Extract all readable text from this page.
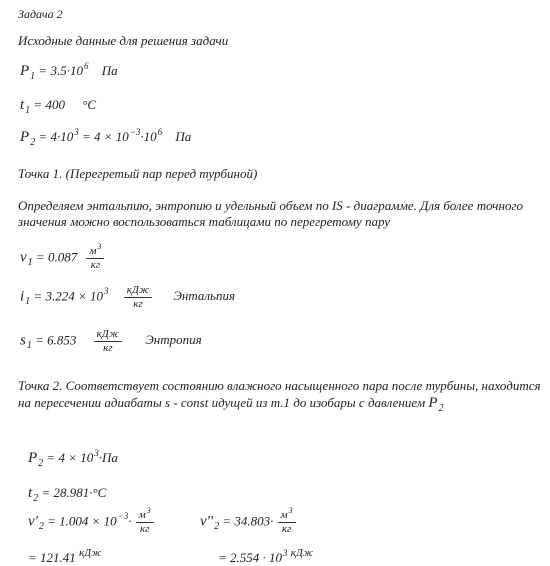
Задача 2
Исходные данные для решения задачи
$P_1 = 3.5\cdot 10^6$ Па
$t_1 = 400$ °C
$P_2 = 4\cdot 10^3 = 4 \times 10^{-3}\cdot 10^6$ Па
Точка 1. (Перегретый пар перед турбиной)
Определяем энтальпию, энтропию и удельный объем по IS - диаграмме. Для более точного
значения можно воспользоваться таблицами по перегретому пару
$v_1 = 0.087 \frac{м^3}{кг}$
$i_1 = 3.224 \times 10^3 \frac{\text{кДж}}{кг}$ Энтальпия
$s_1 = 6.853 \frac{\text{кДж}}{кг}$ Энтропия
Точка 2. Соответствует состоянию влажного насыщенного пара после турбины, находится
на пересечении адиабаты s - const идущей из т.1 до изобары с давлением $P_2$
$P_2 = 4 \times 10^3\cdot Па$
$t_2 = 28.981\cdot^\circ C$
$v'_2 = 1.004 \times 10^{-3}\cdot \frac{м^3}{кг}$	$v''_2 = 34.803\cdot \frac{м^3}{кг}$
= 121.41 $^{кДж}$	= $2.554 \cdot 10^3$ $^{кДж}$
